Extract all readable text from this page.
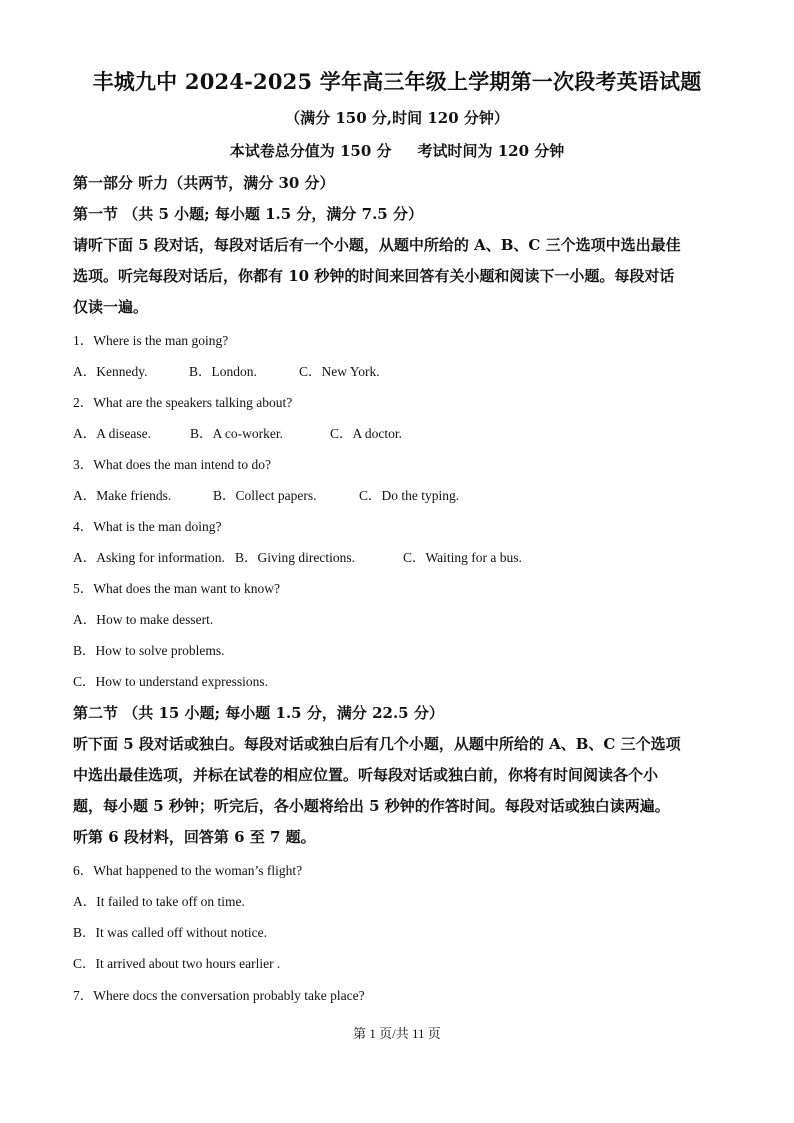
丰城九中 2024-2025 学年高三年级上学期第一次段考英语试题
（满分 150 分,时间 120 分钟）
本试卷总分值为 150 分 考试时间为 120 分钟
第一部分 听力（共两节，满分 30 分）
第一节 （共 5 小题; 每小题 1.5 分，满分 7.5 分）
请听下面 5 段对话，每段对话后有一个小题，从题中所给的 A、B、C 三个选项中选出最佳
选项。听完每段对话后，你都有 10 秒钟的时间来回答有关小题和阅读下一小题。每段对话
仅读一遍。
1．Where is the man going?
A．Kennedy.	B．London.	C．New York.
2．What are the speakers talking about?
A．A disease.	B．A co-worker.	C．A doctor.
3．What does the man intend to do?
A．Make friends.	B．Collect papers.	C．Do the typing.
4．What is the man doing?
A．Asking for information. B．Giving directions.	C．Waiting for a bus.
5．What does the man want to know?
A．How to make dessert.
B．How to solve problems.
C．How to understand expressions.
第二节 （共 15 小题; 每小题 1.5 分，满分 22.5 分）
听下面 5 段对话或独白。每段对话或独白后有几个小题，从题中所给的 A、B、C 三个选项
中选出最佳选项，并标在试卷的相应位置。听每段对话或独白前，你将有时间阅读各个小
题，每小题 5 秒钟；听完后，各小题将给出 5 秒钟的作答时间。每段对话或独白读两遍。
听第 6 段材料，回答第 6 至 7 题。
6．What happened to the woman’s flight?
A．It failed to take off on time.
B．It was called off without notice.
C．It arrived about two hours earlier .
7．Where docs the conversation probably take place?
第 1 页/共 11 页
